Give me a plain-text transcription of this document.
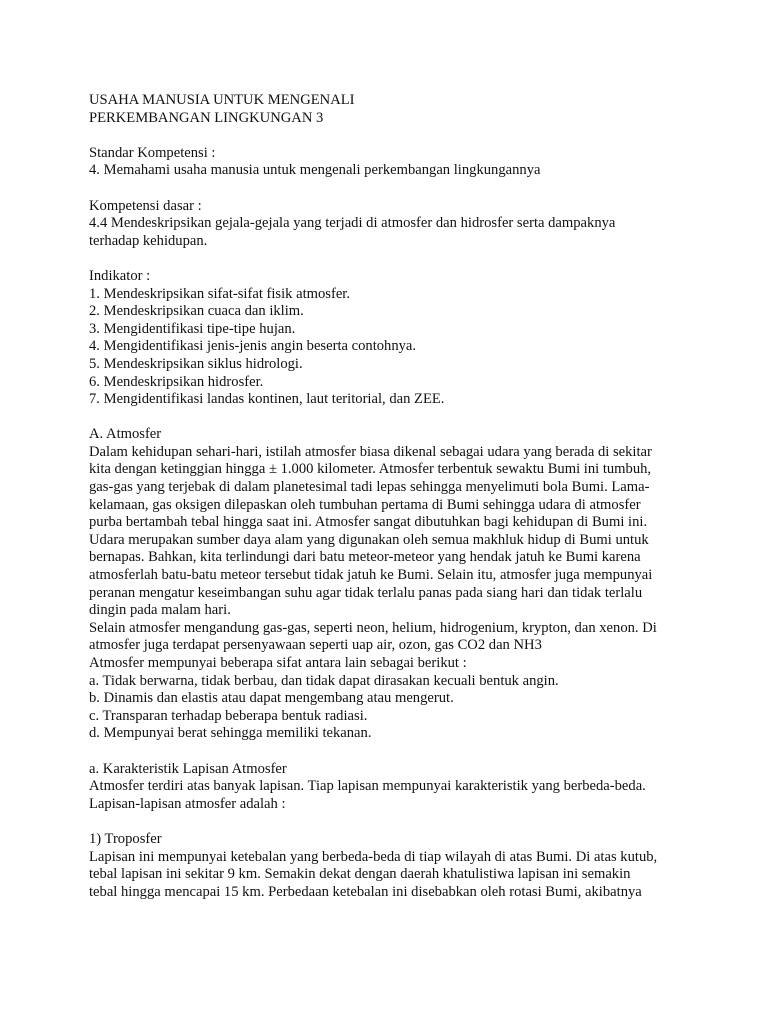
USAHA MANUSIA UNTUK MENGENALI
PERKEMBANGAN LINGKUNGAN 3
Standar Kompetensi :
4. Memahami usaha manusia untuk mengenali perkembangan lingkungannya
Kompetensi dasar :
4.4 Mendeskripsikan gejala-gejala yang terjadi di atmosfer dan hidrosfer serta dampaknya
terhadap kehidupan.
Indikator :
1. Mendeskripsikan sifat-sifat fisik atmosfer.
2. Mendeskripsikan cuaca dan iklim.
3. Mengidentifikasi tipe-tipe hujan.
4. Mengidentifikasi jenis-jenis angin beserta contohnya.
5. Mendeskripsikan siklus hidrologi.
6. Mendeskripsikan hidrosfer.
7. Mengidentifikasi landas kontinen, laut teritorial, dan ZEE.
A. Atmosfer
Dalam kehidupan sehari-hari, istilah atmosfer biasa dikenal sebagai udara yang berada di sekitar
kita dengan ketinggian hingga ± 1.000 kilometer. Atmosfer terbentuk sewaktu Bumi ini tumbuh,
gas-gas yang terjebak di dalam planetesimal tadi lepas sehingga menyelimuti bola Bumi. Lama-
kelamaan, gas oksigen dilepaskan oleh tumbuhan pertama di Bumi sehingga udara di atmosfer
purba bertambah tebal hingga saat ini. Atmosfer sangat dibutuhkan bagi kehidupan di Bumi ini.
Udara merupakan sumber daya alam yang digunakan oleh semua makhluk hidup di Bumi untuk
bernapas. Bahkan, kita terlindungi dari batu meteor-meteor yang hendak jatuh ke Bumi karena
atmosferlah batu-batu meteor tersebut tidak jatuh ke Bumi. Selain itu, atmosfer juga mempunyai
peranan mengatur keseimbangan suhu agar tidak terlalu panas pada siang hari dan tidak terlalu
dingin pada malam hari.
Selain atmosfer mengandung gas-gas, seperti neon, helium, hidrogenium, krypton, dan xenon. Di
atmosfer juga terdapat persenyawaan seperti uap air, ozon, gas CO2 dan NH3
Atmosfer mempunyai beberapa sifat antara lain sebagai berikut :
a. Tidak berwarna, tidak berbau, dan tidak dapat dirasakan kecuali bentuk angin.
b. Dinamis dan elastis atau dapat mengembang atau mengerut.
c. Transparan terhadap beberapa bentuk radiasi.
d. Mempunyai berat sehingga memiliki tekanan.
a. Karakteristik Lapisan Atmosfer
Atmosfer terdiri atas banyak lapisan. Tiap lapisan mempunyai karakteristik yang berbeda-beda.
Lapisan-lapisan atmosfer adalah :
1) Troposfer
Lapisan ini mempunyai ketebalan yang berbeda-beda di tiap wilayah di atas Bumi. Di atas kutub,
tebal lapisan ini sekitar 9 km. Semakin dekat dengan daerah khatulistiwa lapisan ini semakin
tebal hingga mencapai 15 km. Perbedaan ketebalan ini disebabkan oleh rotasi Bumi, akibatnya
